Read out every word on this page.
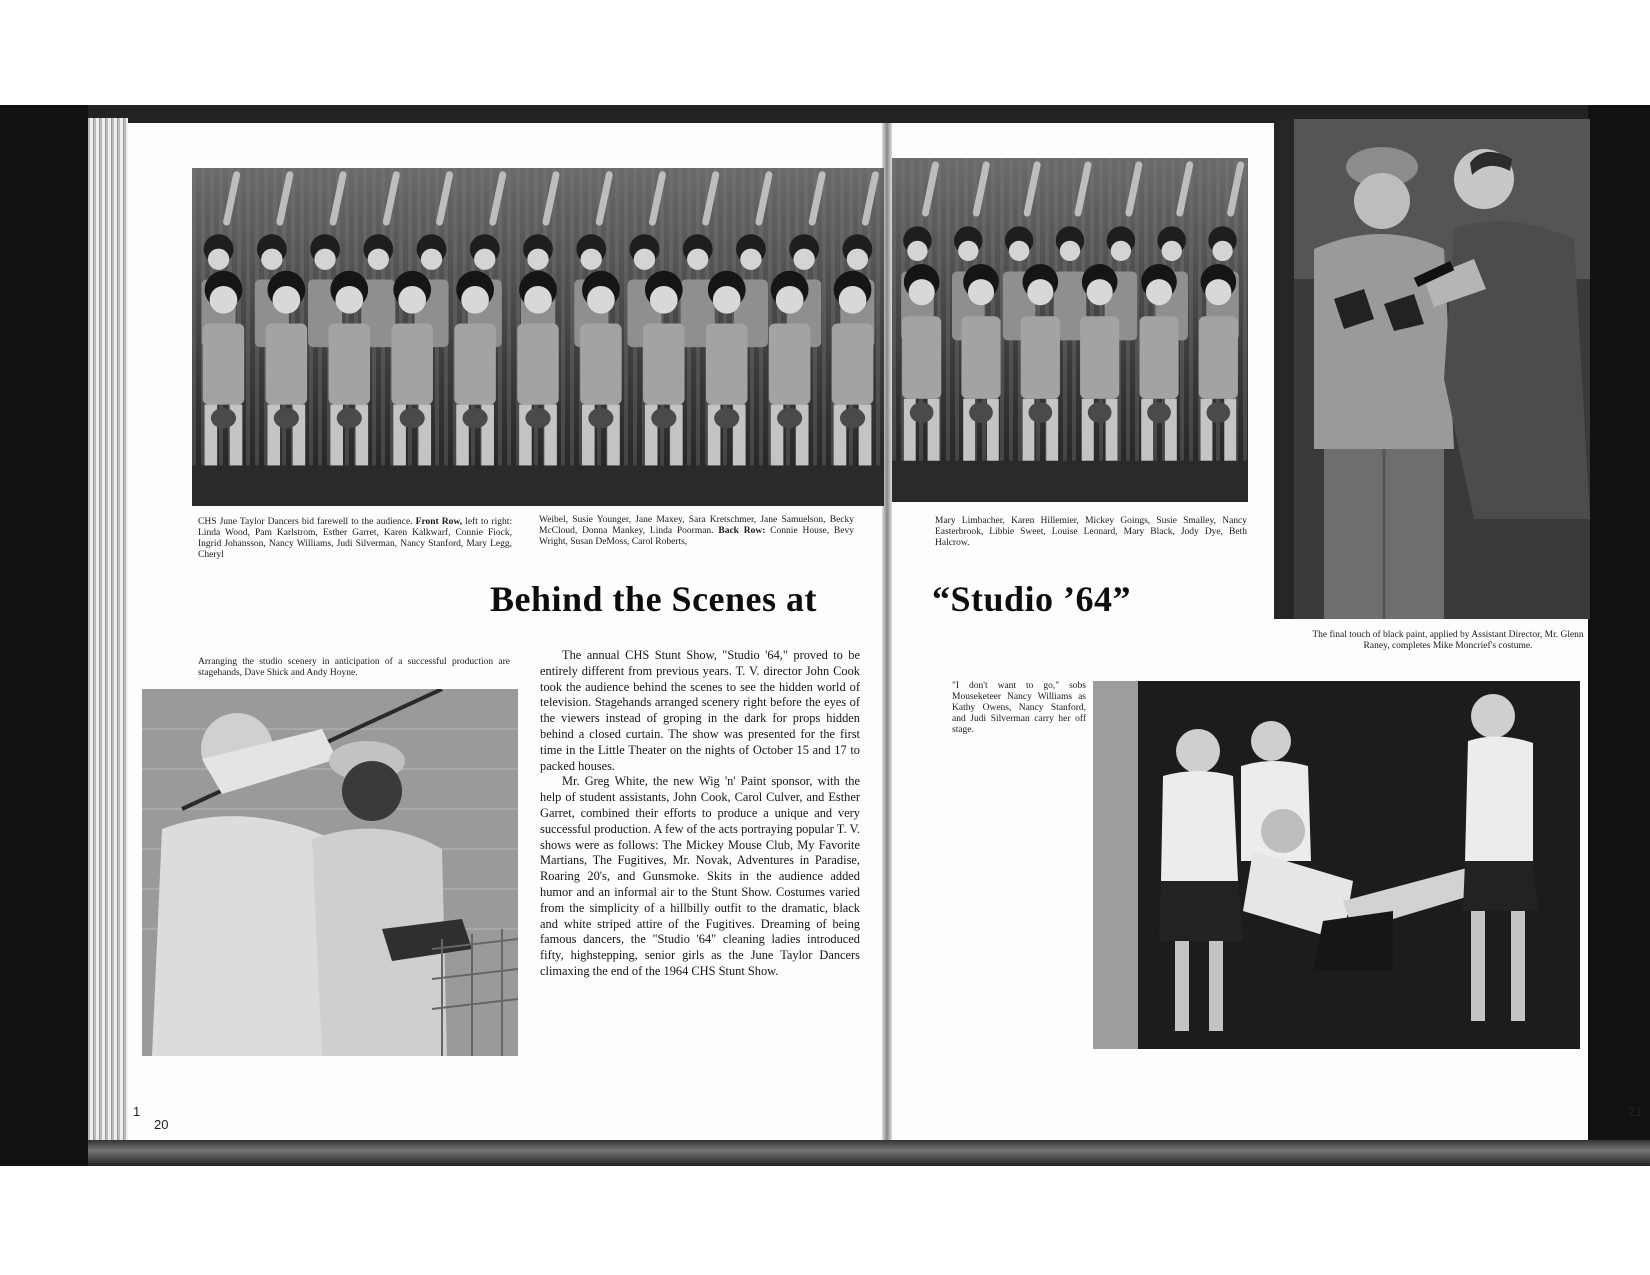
CHS June Taylor Dancers bid farewell to the audience. Front Row, left to right: Linda Wood, Pam Karlstrom, Esther Garret, Karen Kalkwarf, Connie Fiock, Ingrid Johansson, Nancy Williams, Judi Silverman, Nancy Stanford, Mary Legg, Cheryl
Weibel, Susie Younger, Jane Maxey, Sara Kretschmer, Jane Samuelson, Becky McCloud, Donna Mankey, Linda Poorman. Back Row: Connie House, Bevy Wright, Susan DeMoss, Carol Roberts,
Mary Limbacher, Karen Hillemier, Mickey Goings, Susie Smalley, Nancy Easterbrook, Libbie Sweet, Louise Leonard, Mary Black, Jody Dye, Beth Halcrow.
Arranging the studio scenery in anticipation of a successful production are stagehands, Dave Shick and Andy Hoyne.
The final touch of black paint, applied by Assistant Director, Mr. Glenn Raney, completes Mike Moncrief's costume.
"I don't want to go," sobs Mouseketeer Nancy Williams as Kathy Owens, Nancy Stanford, and Judi Silverman carry her off stage.
Behind the Scenes at	“Studio ’64”

The annual CHS Stunt Show, "Studio '64," proved to be entirely different from previous years. T. V. director John Cook took the audience behind the scenes to see the hidden world of television. Stagehands arranged scenery right before the eyes of the viewers instead of groping in the dark for props hidden behind a closed curtain. The show was presented for the first time in the Little Theater on the nights of October 15 and 17 to packed houses.

Mr. Greg White, the new Wig 'n' Paint sponsor, with the help of student assistants, John Cook, Carol Culver, and Esther Garret, combined their efforts to produce a unique and very successful production. A few of the acts portraying popular T. V. shows were as follows: The Mickey Mouse Club, My Favorite Martians, The Fugitives, Mr. Novak, Adventures in Paradise, Roaring 20's, and Gunsmoke. Skits in the audience added humor and an informal air to the Stunt Show. Costumes varied from the simplicity of a hillbilly outfit to the dramatic, black and white striped attire of the Fugitives. Dreaming of being famous dancers, the "Studio '64" cleaning ladies introduced fifty, highstepping, senior girls as the June Taylor Dancers climaxing the end of the 1964 CHS Stunt Show.

20
21
1
